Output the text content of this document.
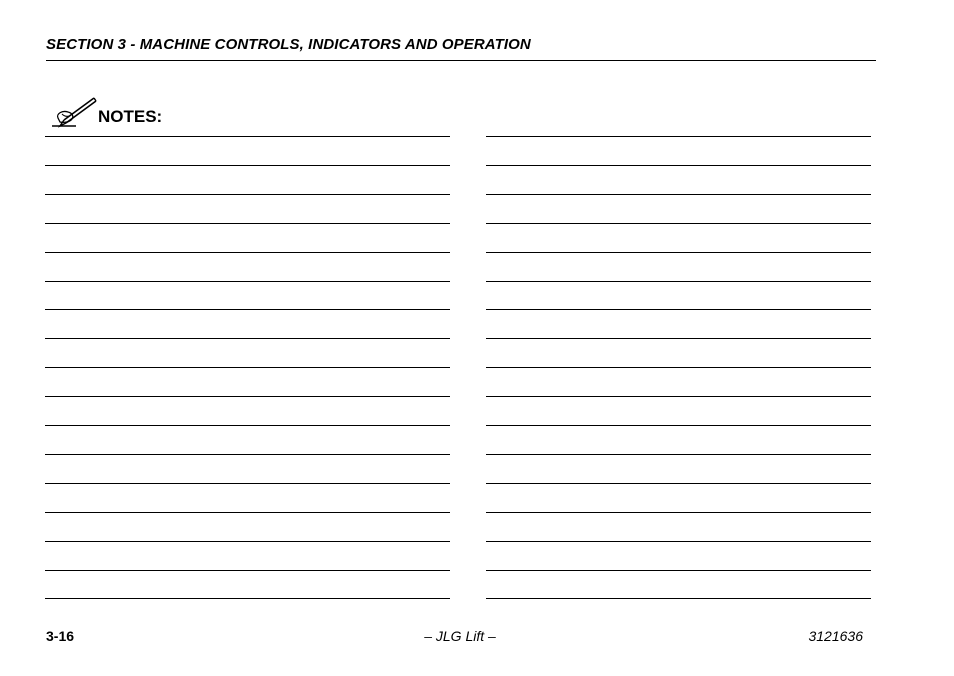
SECTION 3 - MACHINE CONTROLS, INDICATORS AND OPERATION
NOTES:
3-16	– JLG Lift –	3121636
